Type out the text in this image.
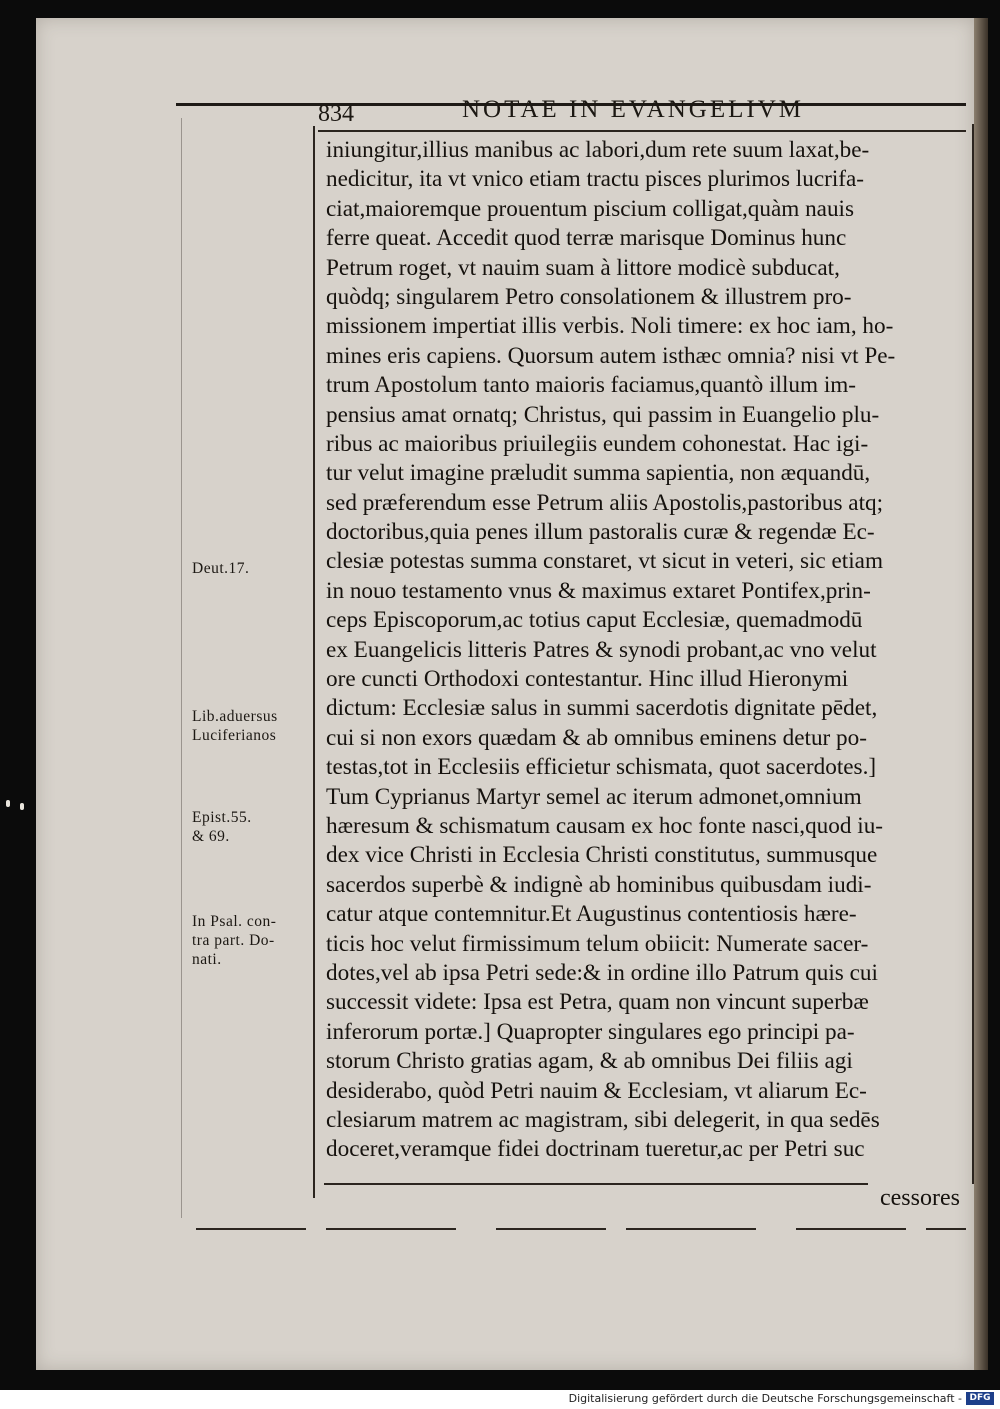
834	NOTAE IN EVANGELIVM
iniungitur,illius manibus ac labori,dum rete suum laxat,be-
nedicitur, ita vt vnico etiam tractu pisces plurimos lucrifa-
ciat,maioremque prouentum piscium colligat,quàm nauis
ferre queat. Accedit quod terræ marisque Dominus hunc
Petrum roget, vt nauim suam à littore modicè subducat,
quòdq; singularem Petro consolationem & illustrem pro-
missionem impertiat illis verbis. Noli timere: ex hoc iam, ho-
mines eris capiens. Quorsum autem isthæc omnia? nisi vt Pe-
trum Apostolum tanto maioris faciamus,quantò illum im-
pensius amat ornatq; Christus, qui passim in Euangelio plu-
ribus ac maioribus priuilegiis eundem cohonestat. Hac igi-
tur velut imagine prælud​it summa sapientia, non æquandū,
sed præferendum esse Petrum aliis Apostolis,pastoribus atq;
doctoribus,quia penes illum pastoralis curæ & regendæ Ec-
clesiæ potestas summa constaret, vt sicut in veteri, sic etiam
in nouo testamento vnus & maximus extaret Pontifex,prin-
ceps Episcoporum,ac totius caput Ecclesiæ, quemadmodū
ex Euangelicis litteris Patres & synodi probant,ac vno velut
ore cuncti Orthodoxi contestantur. Hinc illud Hieronymi
dictum: Ecclesiæ salus in summi sacerdotis dignitate pēdet,
cui si non exors quædam & ab omnibus eminens detur po-
testas,tot in Ecclesiis efficietur schismata, quot sacerdotes.]
Tum Cyprianus Martyr semel ac iterum admonet,omnium
hæresum & schismatum causam ex hoc fonte nasci,quod iu-
dex vice Christi in Ecclesia Christi constitutus, summusque
sacerdos superbè & indignè ab hominibus quibusdam iudi-
catur atque contemnitur.Et Augustinus contentiosis hære-
ticis hoc velut firmissimum telum obiicit: Numerate sacer-
dotes,vel ab ipsa Petri sede:& in ordine illo Patrum quis cui
successit videte: Ipsa est Petra, quam non vincunt superbæ
inferorum portæ.] Quapropter singulares ego principi pa-
storum Christo gratias agam, & ab omnibus Dei filiis agi
desiderabo, quòd Petri nauim & Ecclesiam, vt aliarum Ec-
clesiarum matrem ac magistram, sibi delegerit, in qua sedēs
doceret,veramque fidei doctrinam tueretur,ac per Petri suc
cessores
Deut.17.
Lib.aduersus
Luciferianos
Epist.55.
& 69.
In Psal. con-
tra part. Do-
nati.
Digitalisierung gefördert durch die Deutsche Forschungsgemeinschaft - DFG
